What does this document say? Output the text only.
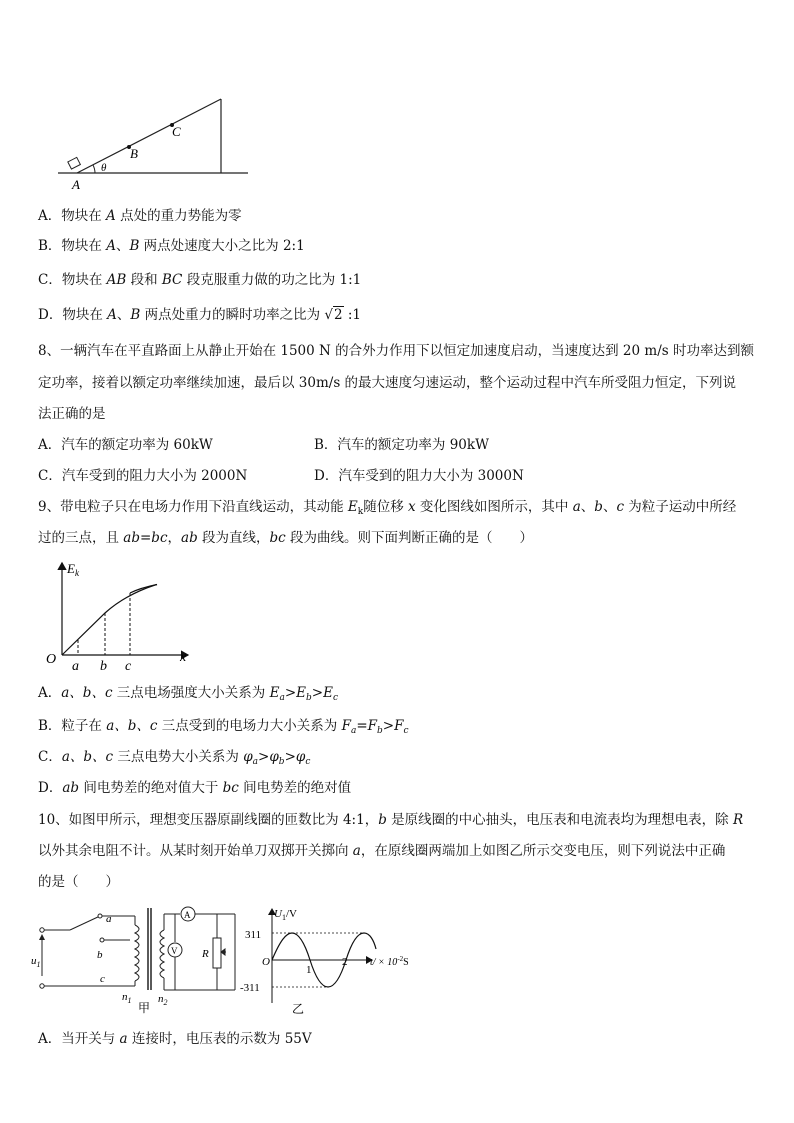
A
B
C
θ
A．物块在 A 点处的重力势能为零
B．物块在 A、B 两点处速度大小之比为 2:1
C．物块在 AB 段和 BC 段克服重力做的功之比为 1:1
D．物块在 A、B 两点处重力的瞬时功率之比为 √2 :1
8、一辆汽车在平直路面上从静止开始在 1500 N 的合外力作用下以恒定加速度启动，当速度达到 20 m/s 时功率达到额
定功率，接着以额定功率继续加速，最后以 30m/s 的最大速度匀速运动，整个运动过程中汽车所受阻力恒定，下列说
法正确的是
A．汽车的额定功率为 60kW	B．汽车的额定功率为 90kW
C．汽车受到的阻力大小为 2000N	D．汽车受到的阻力大小为 3000N
9、带电粒子只在电场力作用下沿直线运动，其动能 $E_k$随位移 x 变化图线如图所示，其中 a、b、c 为粒子运动中所经
过的三点，且 ab=bc，ab 段为直线，bc 段为曲线。则下面判断正确的是（　　）
$E_k$
O	x
a b c
A．a、b、c 三点电场强度大小关系为 $E_a>E_b>E_c$
B．粒子在 a、b、c 三点受到的电场力大小关系为 $F_a=F_b>F_c$
C．a、b、c 三点电势大小关系为 $\varphi_a>\varphi_b>\varphi_c$
D．ab 间电势差的绝对值大于 bc 间电势差的绝对值
10、如图甲所示，理想变压器原副线圈的匝数比为 4:1，b 是原线圈的中心抽头，电压表和电流表均为理想电表，除 R
以外其余电阻不计。从某时刻开始单刀双掷开关掷向 a，在原线圈两端加上如图乙所示交变电压，则下列说法中正确
的是（　　）
a
b
c
$u_1$
$n_1$ $n_2$
A
V R
甲
$U_1/V$
311
-311
O
1
2 $t/ \times 10^{-2}S$
乙
A．当开关与 a 连接时，电压表的示数为 55V
